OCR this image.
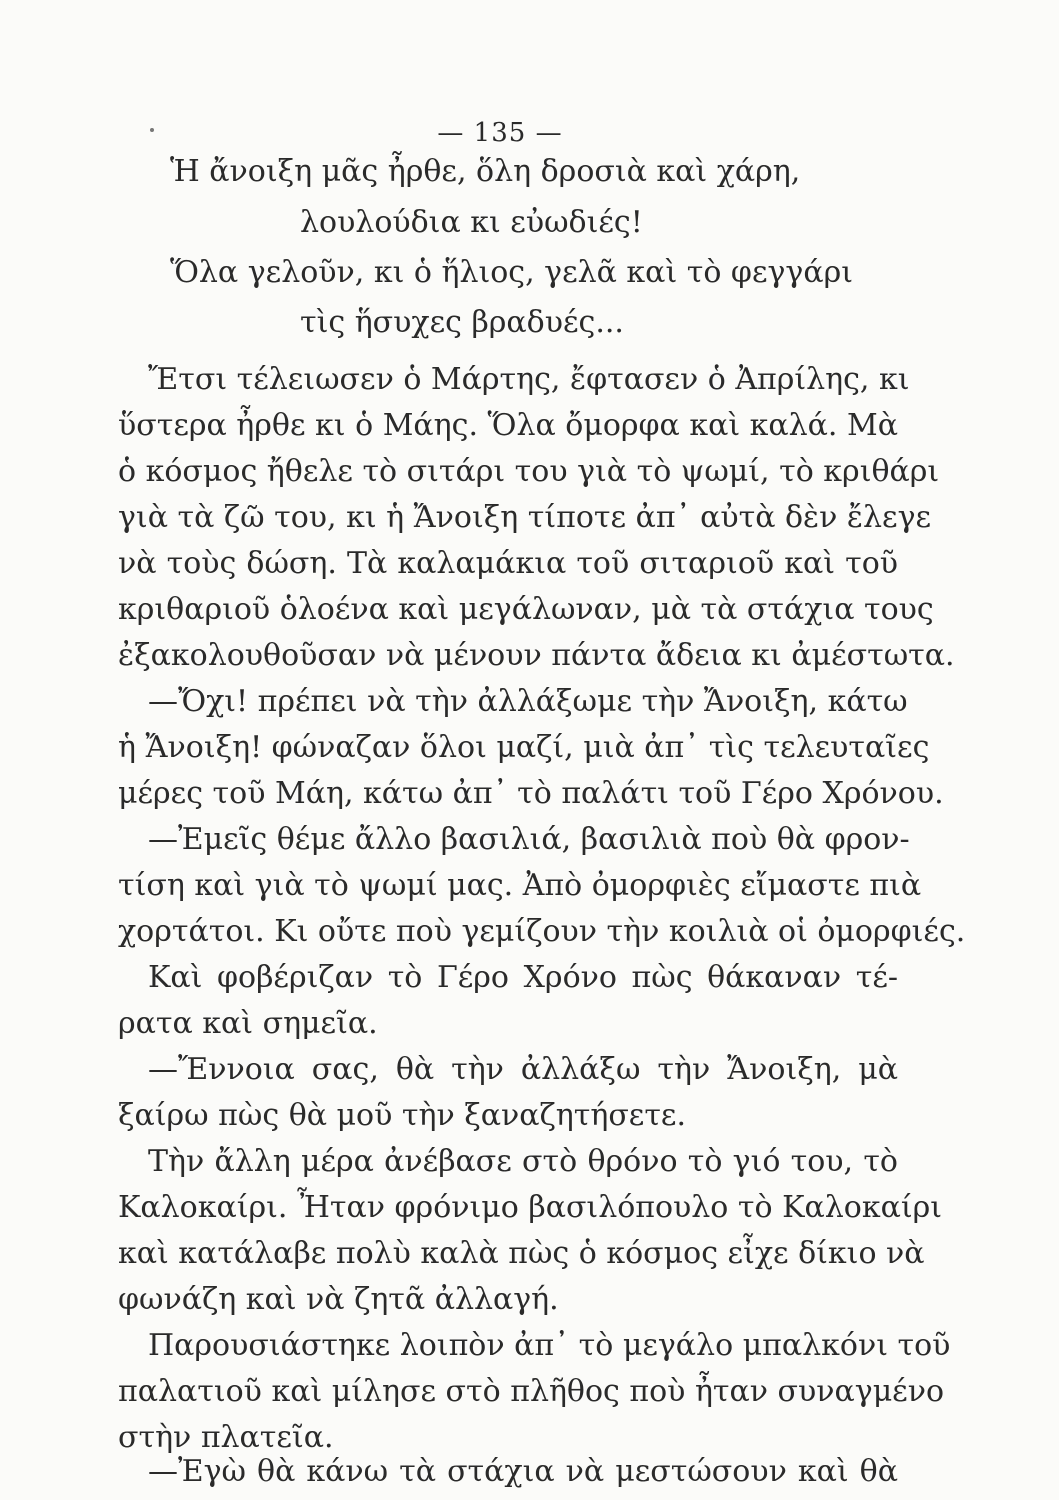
— 135 —
Ἡ ἄνοιξη μᾶς ἦρθε, ὅλη δροσιὰ καὶ χάρη,
λουλούδια κι εὐωδιές!
Ὅλα γελοῦν, κι ὁ ἥλιος, γελᾶ καὶ τὸ φεγγάρι
τὶς ἥσυχες βραδυές...
Ἔτσι τέλειωσεν ὁ Μάρτης, ἔφτασεν ὁ Ἀπρίλης, κι
ὕστερα ἦρθε κι ὁ Μάης. Ὅλα ὄμορφα καὶ καλά. Μὰ
ὁ κόσμος ἤθελε τὸ σιτάρι του γιὰ τὸ ψωμί, τὸ κριθάρι
γιὰ τὰ ζῶ του, κι ἡ Ἄνοιξη τίποτε ἀπ᾽ αὐτὰ δὲν ἔλεγε
νὰ τοὺς δώση. Τὰ καλαμάκια τοῦ σιταριοῦ καὶ τοῦ
κριθαριοῦ ὁλοένα καὶ μεγάλωναν, μὰ τὰ στάχια τους
ἐξακολουθοῦσαν νὰ μένουν πάντα ἄδεια κι ἀμέστωτα.
—Ὄχι! πρέπει νὰ τὴν ἀλλάξωμε τὴν Ἄνοιξη, κάτω
ἡ Ἄνοιξη! φώναζαν ὅλοι μαζί, μιὰ ἀπ᾽ τὶς τελευταῖες
μέρες τοῦ Μάη, κάτω ἀπ᾽ τὸ παλάτι τοῦ Γέρο Χρόνου.
—Ἐμεῖς θέμε ἄλλο βασιλιά, βασιλιὰ ποὺ θὰ φρον-
τίση καὶ γιὰ τὸ ψωμί μας. Ἀπὸ ὀμορφιὲς εἴμαστε πιὰ
χορτάτοι. Κι οὔτε ποὺ γεμίζουν τὴν κοιλιὰ οἱ ὀμορφιές.
Καὶ φοβέριζαν τὸ Γέρο Χρόνο πὼς θάκαναν τέ-
ρατα καὶ σημεῖα.
—Ἔννοια σας, θὰ τὴν ἀλλάξω τὴν Ἄνοιξη, μὰ
ξαίρω πὼς θὰ μοῦ τὴν ξαναζητήσετε.
Τὴν ἄλλη μέρα ἀνέβασε στὸ θρόνο τὸ γιό του, τὸ
Καλοκαίρι. Ἦταν φρόνιμο βασιλόπουλο τὸ Καλοκαίρι
καὶ κατάλαβε πολὺ καλὰ πὼς ὁ κόσμος εἶχε δίκιο νὰ
φωνάζη καὶ νὰ ζητᾶ ἀλλαγή.
Παρουσιάστηκε λοιπὸν ἀπ᾽ τὸ μεγάλο μπαλκόνι τοῦ
παλατιοῦ καὶ μίλησε στὸ πλῆθος ποὺ ἦταν συναγμένο
στὴν πλατεῖα.
—Ἐγὼ θὰ κάνω τὰ στάχια νὰ μεστώσουν καὶ θὰ
